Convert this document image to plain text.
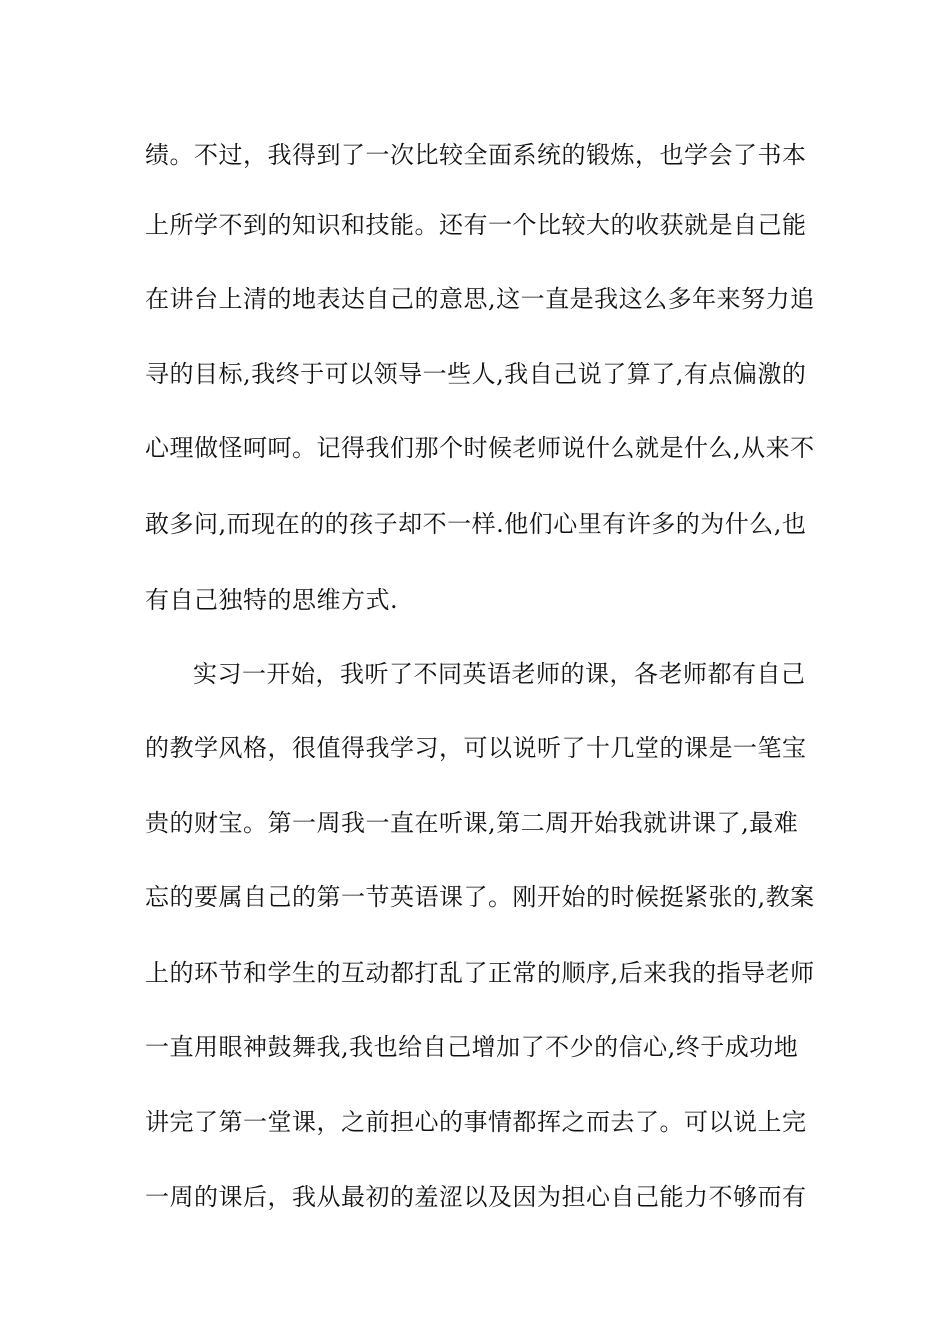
绩。不过，我得到了一次比较全面系统的锻炼，也学会了书本
上所学不到的知识和技能。还有一个比较大的收获就是自己能
在讲台上清的地表达自己的意思,这一直是我这么多年来努力追
寻的目标,我终于可以领导一些人,我自己说了算了,有点偏激的
心理做怪呵呵。记得我们那个时候老师说什么就是什么,从来不
敢多问,而现在的的孩子却不一样.他们心里有许多的为什么,也
有自己独特的思维方式.
实习一开始，我听了不同英语老师的课，各老师都有自己
的教学风格，很值得我学习，可以说听了十几堂的课是一笔宝
贵的财宝。第一周我一直在听课,第二周开始我就讲课了,最难
忘的要属自己的第一节英语课了。刚开始的时候挺紧张的,教案
上的环节和学生的互动都打乱了正常的顺序,后来我的指导老师
一直用眼神鼓舞我,我也给自己增加了不少的信心,终于成功地
讲完了第一堂课，之前担心的事情都挥之而去了。可以说上完
一周的课后，我从最初的羞涩以及因为担心自己能力不够而有
